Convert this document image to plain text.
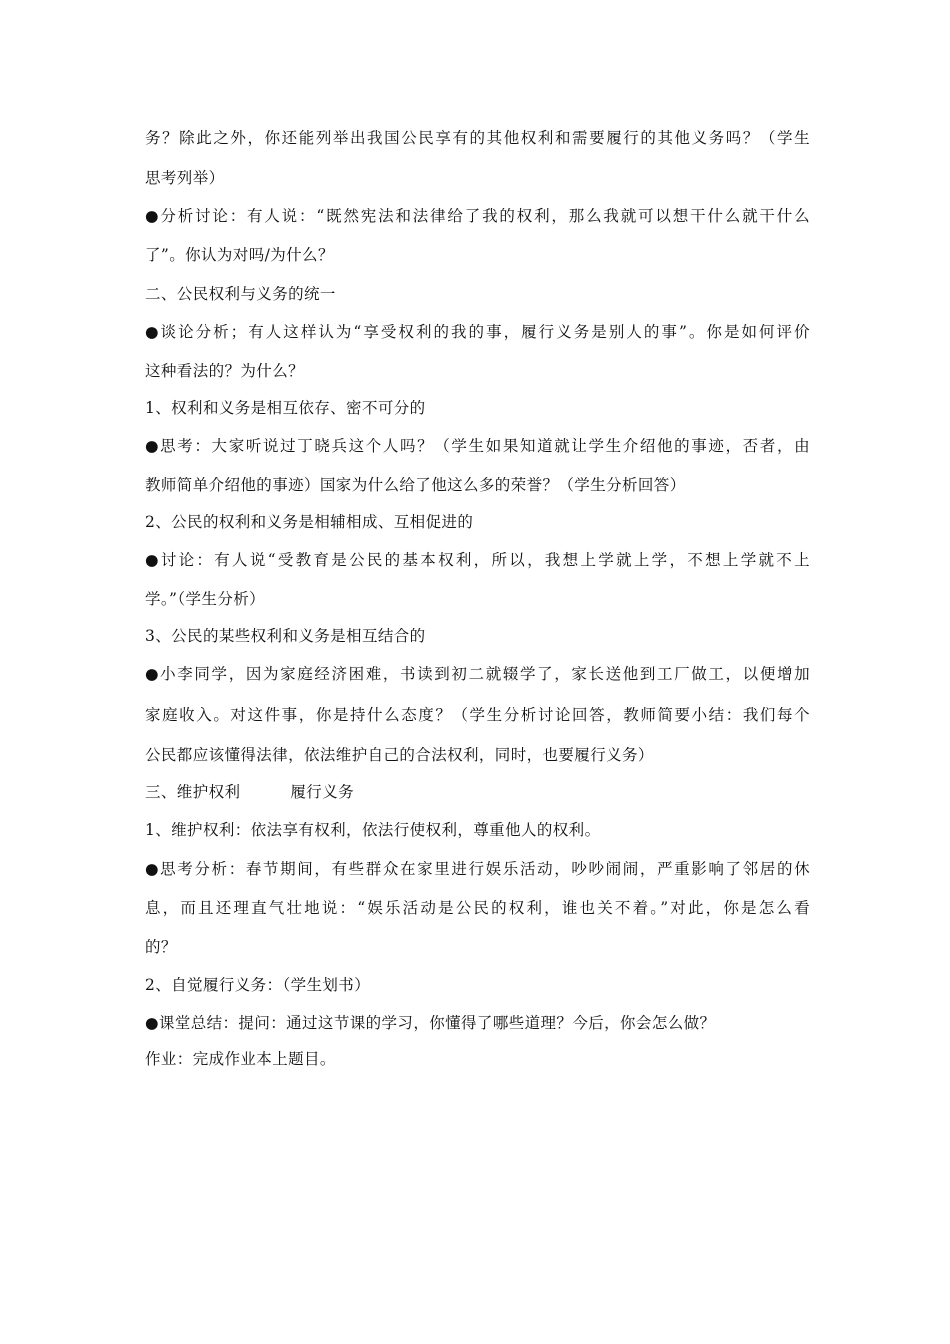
务？除此之外，你还能列举出我国公民享有的其他权利和需要履行的其他义务吗？（学生
思考列举）
●分析讨论：有人说：“既然宪法和法律给了我的权利，那么我就可以想干什么就干什么
了”。你认为对吗/为什么？
二、公民权利与义务的统一
●谈论分析；有人这样认为“享受权利的我的事，履行义务是别人的事”。你是如何评价
这种看法的？为什么？
1、权利和义务是相互依存、密不可分的
●思考：大家听说过丁晓兵这个人吗？（学生如果知道就让学生介绍他的事迹，否者，由
教师简单介绍他的事迹）国家为什么给了他这么多的荣誉？（学生分析回答）
2、公民的权利和义务是相辅相成、互相促进的
●讨论：有人说“受教育是公民的基本权利，所以，我想上学就上学，不想上学就不上
学。”（学生分析）
3、公民的某些权利和义务是相互结合的
●小李同学，因为家庭经济困难，书读到初二就辍学了，家长送他到工厂做工，以便增加
家庭收入。对这件事，你是持什么态度？（学生分析讨论回答，教师简要小结：我们每个
公民都应该懂得法律，依法维护自己的合法权利，同时，也要履行义务）
三、维护权利	履行义务
1、维护权利：依法享有权利，依法行使权利，尊重他人的权利。
●思考分析：春节期间，有些群众在家里进行娱乐活动，吵吵闹闹，严重影响了邻居的休
息，而且还理直气壮地说：“娱乐活动是公民的权利，谁也关不着。”对此，你是怎么看
的？
2、自觉履行义务：（学生划书）
●课堂总结：提问：通过这节课的学习，你懂得了哪些道理？今后，你会怎么做？
作业：完成作业本上题目。
